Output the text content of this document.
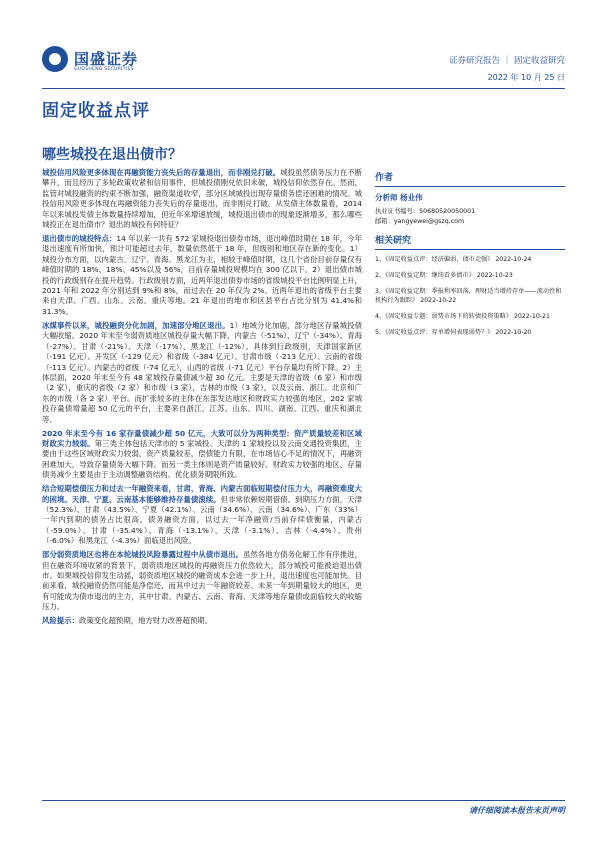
国盛证券
GUOSHENG SECURITIES
证券研究报告 ｜ 固定收益研究
2022 年 10 月 25 日
固定收益点评
哪些城投在退出债市？

城投信用风险更多体现在再融资能力丧失后的存量退出，而非刚兑打破。城投虽然债务压力在不断攀升，而且经历了多轮政策收紧和信用事件，但城投债刚兑依旧未破，城投信仰依然存在。然而，监管对城投融资的约束不断加强，融资渠道收窄，部分区域城投出现存量债务偿还困难的情况。城投信用风险更多体现在再融资能力丧失后的存量退出，而非刚兑打破。从发债主体数量看，2014 年以来城投发债主体数量持续增加，但近年来增速放缓，城投退出债市的现象逐渐增多，那么哪些城投正在退出债市？退出的城投有何特征？

退出债市的城投特点：14 年以来一共有 572 家城投退出债券市场，退出峰值时期在 18 年，今年退出速度有所加快，预计可能超过去年，数量依然低于 18 年，但级别和地区存在新的变化。1）城投分布方面，以内蒙古、辽宁、青海、黑龙江为主，相较于峰值时期，这几个省份目前存量仅有峰值时期的 18%、18%、45%以及 56%，目前存量城投规模均在 300 亿以下。2）退出债市城投的行政级别存在提升趋势。行政级别方面，近两年退出债券市场的省级城投平台比例明显上升，2021 年和 2022 年分别达到 9%和 8%，而过去在 20 年仅为 2%。近两年退出的省级平台主要来自天津、广西、山东、云南、重庆等地。21 年退出的地市和区县平台占比分别为 41.4%和 31.3%。

冰煤事件以来，城投融资分化加剧，加速部分地区退出。1）地域分化加剧，部分地区存量城投债大幅收缩。2020 年末至今弱资质地区城投存量大幅下降，内蒙古（-51%）、辽宁（-34%）、青海（-27%）、甘肃（-21%）、天津（-17%）、黑龙江（-12%）。具体到行政级别，天津国家新区（-191 亿元）、开发区（-129 亿元）和省级（-384 亿元）、甘肃市级（-213 亿元）、云南的省级（-113 亿元）。内蒙古的省级（-74 亿元），山西的省级（-71 亿元）平台存量均有所下降。2）主体层面，2020 年末至今有 48 家城投存量债减少超 30 亿元。主要是天津的省级（6 家）和市级（2 家），重庆的省级（2 家）和市级（3 家），吉林的市级（3 家），以及云南、浙江、北京和广东的市级（各 2 家）平台。而扩张较多的主体在东部发达地区和财政实力较强的地区，202 家城投存量债增量超 50 亿元的平台，主要来自浙江、江苏、山东、四川、湖南、江西、重庆和湖北等。

2020 年末至今有 16 家存量债减少超 50 亿元，大致可以分为两种类型：资产质量较差和区域财政实力较弱。第三类主体包括天津市的 5 家城投、天津的 1 家城投以及云南交通投资集团，主要由于这些区域财政实力较弱，资产质量较差，偿债能力有限，在市场信心不足的情况下，再融资困难加大，导致存量债务大幅下降。而另一类主体则是资产质量较好、财政实力较强的地区，存量债务减少主要是由于主动调整融资结构、优化债务期限所致。

结合短期偿债压力和过去一年融资来看，甘肃、青海、内蒙古面临短期偿付压力大，再融资难度大的困境。天津、宁夏、云南基本能够维持存量债滚续。但非常依赖短期借债。到期压力方面，天津（52.3%）、甘肃（43.5%）、宁夏（42.1%）、云南（34.6%）、云南（34.6%）、广东（33%）一年内到期的债务占比很高。债务融资方面，以过去一年净融资/当前存续债衡量，内蒙古（-59.0%）、甘肃（-35.4%）、青海（-13.1%）、天津（-3.1%）、吉林（-4.4%）、贵州（-6.0%）和黑龙江（-4.3%）面临退出风险。

部分弱资质地区也将在本轮城投风险暴露过程中从债市退出。虽然各地方债务化解工作有序推进，但在融资环境收紧的背景下，弱资质地区城投的再融资压力依然较大，部分城投可能被迫退出债市。如果城投信仰发生动摇，弱资质地区城投的融资成本会进一步上升，退出速度也可能加快。目前来看，城投融资仍然可能是净偿还，而其中过去一年融资较差、未来一年到期量较大的地区，更有可能成为债市退出的主力，其中甘肃、内蒙古、云南、青海、天津等地存量债或面临较大的收缩压力。

风险提示：政策变化超预期，地方财力改善超预期。

作者
分析师 杨业伟
执业证书编号：S0680520050001
邮箱：yangyewei@gszq.com
相关研究
1、《固定收益点评：经济偏弱，债市走强》 2022-10-24
2、《固定收益定期：继续看多债市》 2022-10-23
3、《固定收益定期：季报利率回落，理财适当增持存单——流动性和机构行为跟踪》 2022-10-22
4、《固定收益专题：弱势市场下的转债投资策略》 2022-10-21
5、《固定收益点评：存单增何表现弱势？》 2022-10-20
请仔细阅读本报告末页声明
